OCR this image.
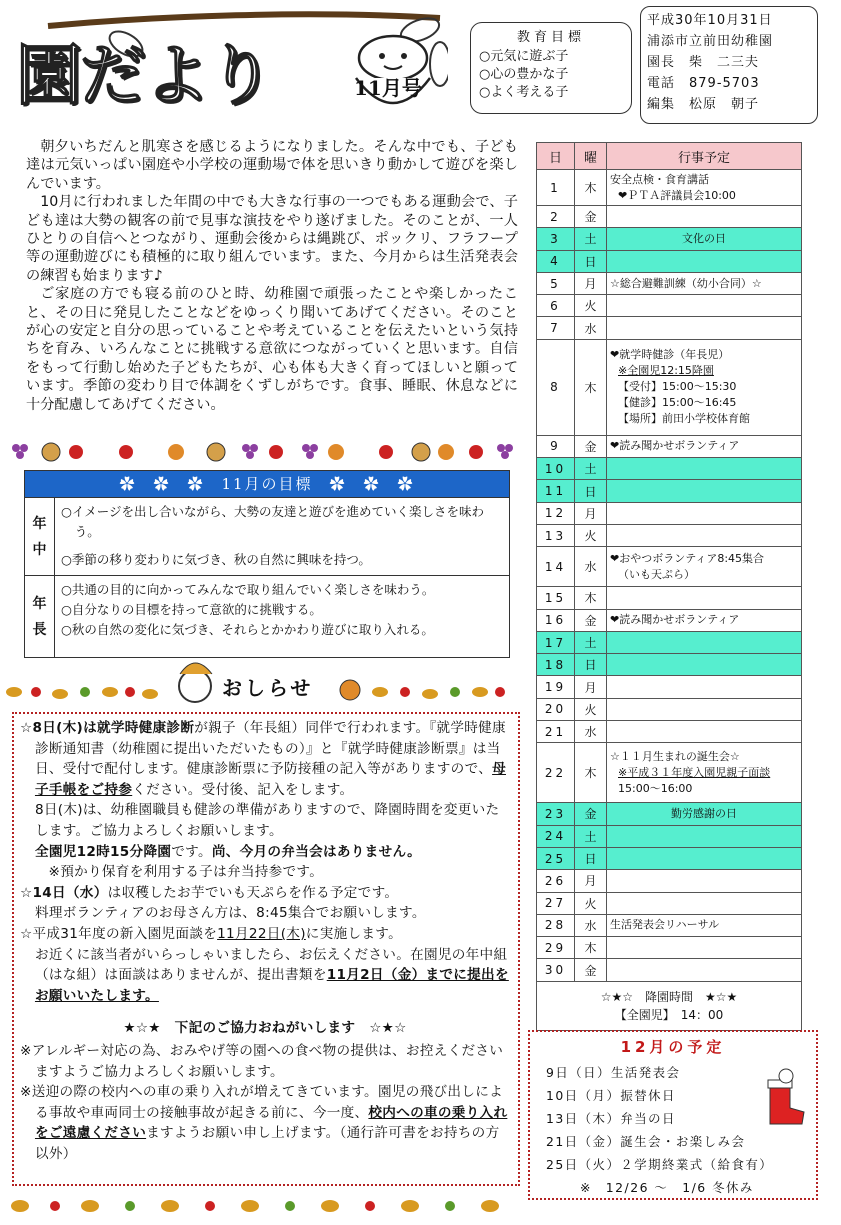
園だより	11月号
教育目標
○元気に遊ぶ子
○心の豊かな子
○よく考える子
平成30年10月31日
浦添市立前田幼稚園
園長　柴　二三夫
電話　879-5703
編集　松原　朝子

朝夕いちだんと肌寒さを感じるようになりました。そんな中でも、子ども達は元気いっぱい園庭や小学校の運動場で体を思いきり動かして遊びを楽しんでいます。

10月に行われました年間の中でも大きな行事の一つでもある運動会で、子ども達は大勢の観客の前で見事な演技をやり遂げました。そのことが、一人ひとりの自信へとつながり、運動会後からは縄跳び、ポックリ、フラフープ等の運動遊びにも積極的に取り組んでいます。また、今月からは生活発表会の練習も始まります♪

ご家庭の方でも寝る前のひと時、幼稚園で頑張ったことや楽しかったこと、その日に発見したことなどをゆっくり聞いてあげてください。そのことが心の安定と自分の思っていることや考えていることを伝えたいという気持ちを育み、いろんなことに挑戦する意欲につながっていくと思います。自信をもって行動し始めた子どもたちが、心も体も大きく育ってほしいと願っています。季節の変わり目で体調をくずしがちです。食事、睡眠、休息などに十分配慮してあげてください。

✿　✿　✿　11月の目標　✿　✿　✿
年
中
○イメージを出し合いながら、大勢の友達と遊びを進めていく楽しさを味わう。
○季節の移り変わりに気づき、秋の自然に興味を持つ。
年
長
○共通の目的に向かってみんなで取り組んでいく楽しさを味わう。
○自分なりの目標を持って意欲的に挑戦する。
○秋の自然の変化に気づき、それらとかかわり遊びに取り入れる。
おしらせ
☆8日(木)は就学時健康診断が親子（年長組）同伴で行われます。『就学時健康診断通知書（幼稚園に提出いただいたもの）』と『就学時健康診断票』は当日、受付で配付します。健康診断票に予防接種の記入等がありますので、母子手帳をご持参ください。受付後、記入をします。
8日(木)は、幼稚園職員も健診の準備がありますので、降園時間を変更いたします。ご協力よろしくお願いします。
全園児12時15分降園です。尚、今月の弁当会はありません。
※預かり保育を利用する子は弁当持参です。
☆14日（水）は収穫したお芋でいも天ぷらを作る予定です。
料理ボランティアのお母さん方は、8:45集合でお願いします。
☆平成31年度の新入園児面談を11月22日(木)に実施します。
お近くに該当者がいらっしゃいましたら、お伝えください。在園児の年中組（はな組）は面談はありませんが、提出書類を11月2日（金）までに提出をお願いいたします。
★☆★　下記のご協力おねがいします　☆★☆
※アレルギー対応の為、おみやげ等の園への食べ物の提供は、お控えくださいますようご協力よろしくお願いします。
※送迎の際の校内への車の乗り入れが増えてきています。園児の飛び出しによる事故や車両同士の接触事故が起きる前に、今一度、校内への車の乗り入れをご遠慮くださいますようお願い申し上げます。（通行許可書をお持ちの方以外）
日	曜	行事予定
1	木	安全点検・食育講話
❤ＰＴＡ評議員会10:00

2	金	
3	土	文化の日

4	日	
5	月	☆総合避難訓練（幼小合同）☆

6	火	
7	水	
8	木	❤就学時健診（年長児）
※全園児12:15降園
【受付】15:00～15:30
【健診】15:00～16:45
【場所】前田小学校体育館

9	金	❤読み聞かせボランティア

10	土	
11	日	
12	月	
13	火	
14	水	❤おやつボランティア8:45集合
（いも天ぷら）

15	木	
16	金	❤読み聞かせボランティア

17	土	
18	日	
19	月	
20	火	
21	水	
22	木	☆１１月生まれの誕生会☆
※平成３１年度入園児親子面談
15:00～16:00

23	金	勤労感謝の日

24	土	
25	日	
26	月	
27	火	
28	水	生活発表会リハーサル

29	木	
30	金	

☆★☆　降園時間　★☆★
【全園児】　14：00		
12月の予定
9日（日）生活発表会
10日（月）振替休日
13日（木）弁当の日
21日（金）誕生会・お楽しみ会
25日（火）２学期終業式（給食有）
※　12/26 ～　1/6 冬休み
